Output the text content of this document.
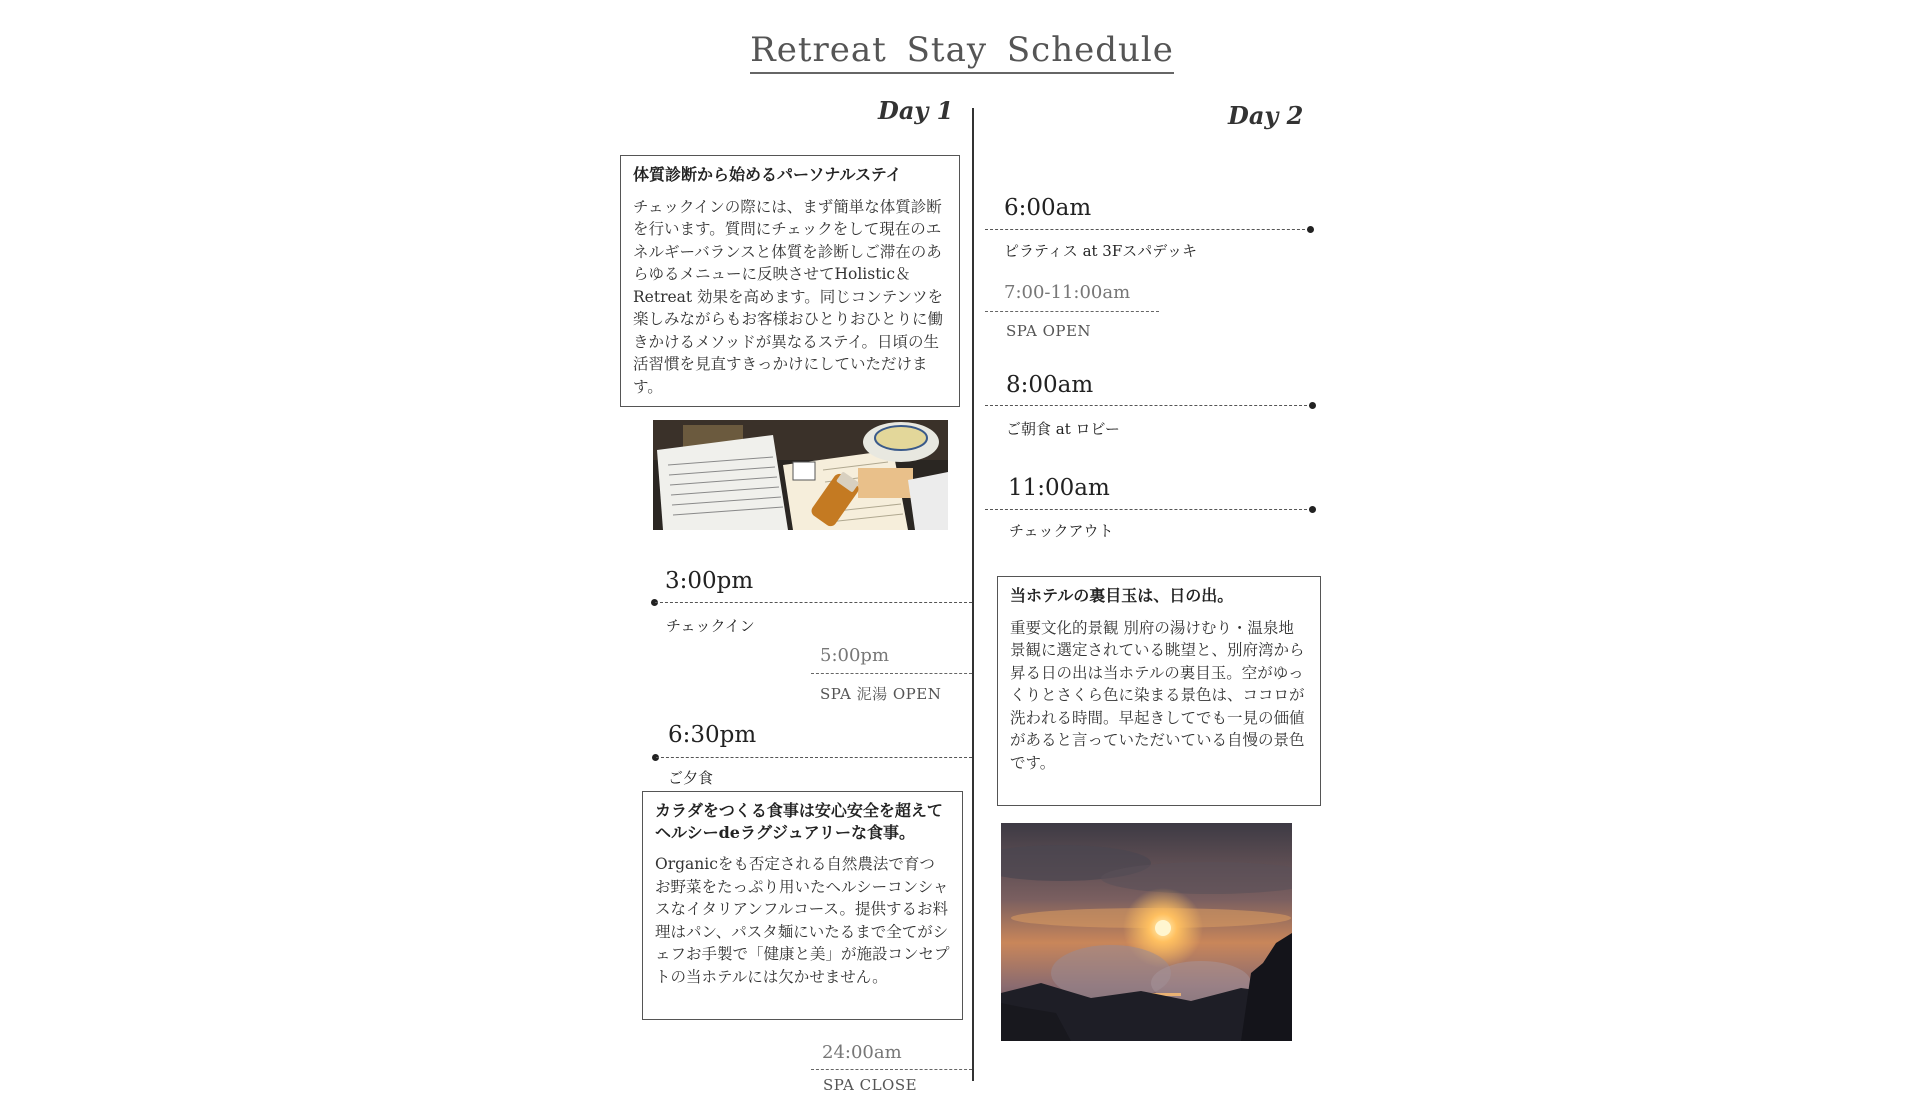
Retreat Stay Schedule
Day 1	Day 2
体質診断から始めるパーソナルステイ
チェックインの際には、まず簡単な体質診断を行います。質問にチェックをして現在のエネルギーバランスと体質を診断しご滞在のあらゆるメニューに反映させてHolistic＆Retreat 効果を高めます。同じコンテンツを楽しみながらもお客様おひとりおひとりに働きかけるメソッドが異なるステイ。日頃の生活習慣を見直すきっかけにしていただけます。
3:00pm
チェックイン
5:00pm
SPA 泥湯 OPEN
6:30pm
ご夕食
カラダをつくる食事は安心安全を超えてヘルシーdeラグジュアリーな食事。
Organicをも否定される自然農法で育つお野菜をたっぷり用いたヘルシーコンシャスなイタリアンフルコース。提供するお料理はパン、パスタ麺にいたるまで全てがシェフお手製で「健康と美」が施設コンセプトの当ホテルには欠かせません。
24:00am
SPA CLOSE
6:00am
ピラティス at 3Fスパデッキ
7:00-11:00am
SPA OPEN
8:00am
ご朝食 at ロビー
11:00am
チェックアウト
当ホテルの裏目玉は、日の出。
重要文化的景観 別府の湯けむり・温泉地景観に選定されている眺望と、別府湾から昇る日の出は当ホテルの裏目玉。空がゆっくりとさくら色に染まる景色は、ココロが洗われる時間。早起きしてでも一見の価値があると言っていただいている自慢の景色です。
